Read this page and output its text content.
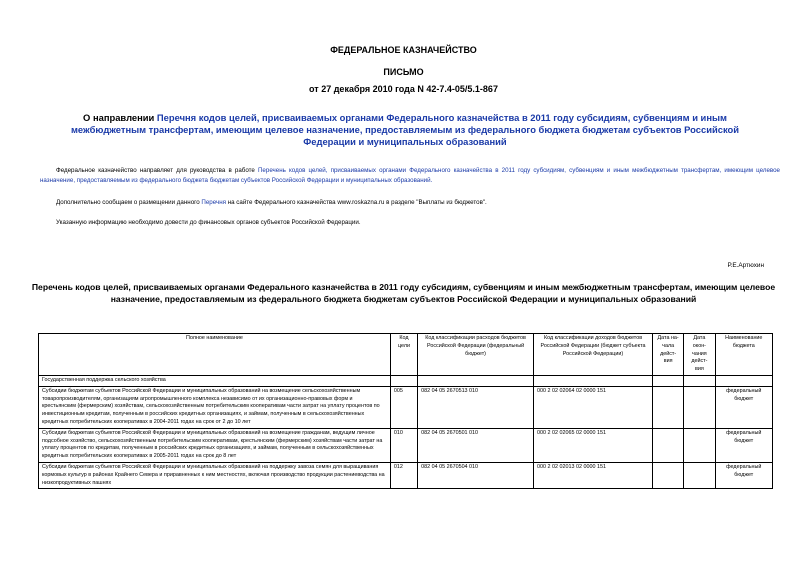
ФЕДЕРАЛЬНОЕ КАЗНАЧЕЙСТВО
ПИСЬМО
от 27 декабря 2010 года N 42-7.4-05/5.1-867
О направлении Перечня кодов целей, присваиваемых органами Федерального казначейства в 2011 году субсидиям, субвенциям и иным межбюджетным трансфертам, имеющим целевое назначение, предоставляемым из федерального бюджета бюджетам субъектов Российской Федерации и муниципальных образований
Федеральное казначейство направляет для руководства в работе Перечень кодов целей, присваиваемых органами Федерального казначейства в 2011 году субсидиям, субвенциям и иным межбюджетным трансфертам, имеющим целевое назначение, предоставляемым из федерального бюджета бюджетам субъектов Российской Федерации и муниципальных образований.
Дополнительно сообщаем о размещении данного Перечня на сайте Федерального казначейства www.roskazna.ru в разделе "Выплаты из бюджетов".
Указанную информацию необходимо довести до финансовых органов субъектов Российской Федерации.
Р.Е.Артюхин
Перечень кодов целей, присваиваемых органами Федерального казначейства в 2011 году субсидиям, субвенциям и иным межбюджетным трансфертам, имеющим целевое назначение, предоставляемым из федерального бюджета бюджетам субъектов Российской Федерации и муниципальных образований
Полное наименование	Код цели	Код классификации расходов бюджетов Российской Федерации (федеральный бюджет)	Код классификации доходов бюджетов Российской Федерации (бюджет субъекта Российской Федерации)	Дата на-чала дейст-вия	Дата окон-чания дейст-вия	Наименование бюджета
Государственная поддержка сельского хозяйства						
Субсидии бюджетам субъектов Российской Федерации и муниципальных образований на возмещение сельскохозяйственным товаропроизводителям, организациям агропромышленного комплекса независимо от их организационно-правовых форм и крестьянским (фермерским) хозяйствам, сельскохозяйственным потребительским кооперативам части затрат на уплату процентов по инвестиционным кредитам, полученным в российских кредитных организациях, и займам, полученным в сельскохозяйственных кредитных потребительских кооперативах в 2004-2011 годах на срок от 2 до 10 лет	005	082 04 05 2670513 010	000 2 02 02064 02 0000 151			федеральный бюджет
Субсидии бюджетам субъектов Российской Федерации и муниципальных образований на возмещение гражданам, ведущим личное подсобное хозяйство, сельскохозяйственным потребительским кооперативам, крестьянским (фермерским) хозяйствам части затрат на уплату процентов по кредитам, полученным в российских кредитных организациях, и займам, полученным в сельскохозяйственных кредитных потребительских кооперативах в 2005-2011 годах на срок до 8 лет	010	082 04 05 2670501 010	000 2 02 02065 02 0000 151			федеральный бюджет
Субсидии бюджетам субъектов Российской Федерации и муниципальных образований на поддержку завоза семян для выращивания кормовых культур в районах Крайнего Севера и приравненных к ним местностях, включая производство продукции растениеводства на низкопродуктивных пашнях	012	082 04 05 2670504 010	000 2 02 02013 02 0000 151			федеральный бюджет
